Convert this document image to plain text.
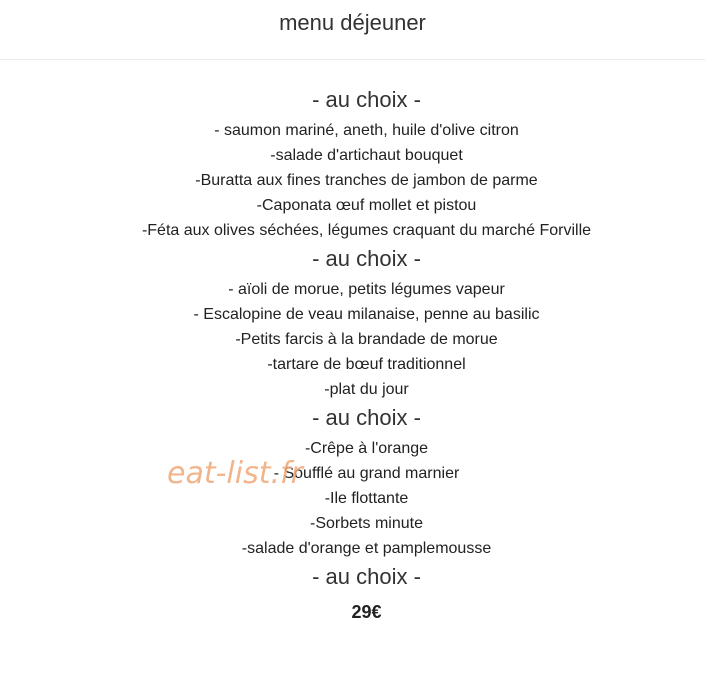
menu déjeuner
- au choix -
- saumon mariné, aneth, huile d'olive citron
-salade d'artichaut bouquet
-Buratta aux fines tranches de jambon de parme
-Caponata œuf mollet et pistou
-Féta aux olives séchées, légumes craquant du marché Forville
- au choix -
- aïoli de morue, petits légumes vapeur
- Escalopine de veau milanaise, penne au basilic
-Petits farcis à la brandade de morue
-tartare de bœuf traditionnel
-plat du jour
- au choix -
-Crêpe à l'orange
- Soufflé au grand marnier
-Ile flottante
-Sorbets minute
-salade d'orange et pamplemousse
- au choix -
29€
eat-list.fr
